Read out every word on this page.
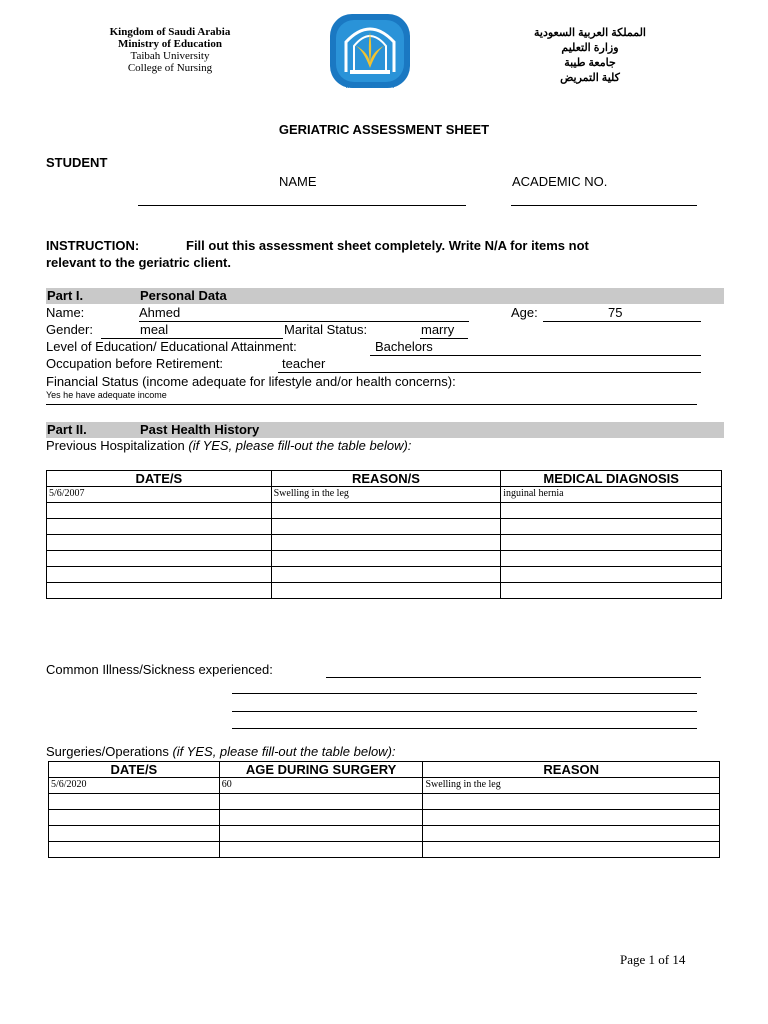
Kingdom of Saudi Arabia
Ministry of Education
Taibah University
College of Nursing
TAIBAH UNIVERSITY
المملكة العربية السعودية
وزارة التعليم
جامعة طيبة
كلية التمريض
GERIATRIC ASSESSMENT SHEET
STUDENT
NAME	ACADEMIC NO.
INSTRUCTION:	Fill out this assessment sheet completely. Write N/A for items not
relevant to the geriatric client.
Part I.	Personal Data
Name:	Ahmed	Age:	75
Gender:	meal	Marital Status:	marry
Level of Education/ Educational Attainment:	Bachelors
Occupation before Retirement:	teacher
Financial Status (income adequate for lifestyle and/or health concerns):
Yes he have adequate income
Part II.	Past Health History
Previous Hospitalization (if YES, please fill-out the table below):
DATE/S	REASON/S	MEDICAL DIAGNOSIS
5/6/2007	Swelling in the leg	inguinal hernia

Common Illness/Sickness experienced:
Surgeries/Operations (if YES, please fill-out the table below):
DATE/S	AGE DURING SURGERY	REASON
5/6/2020	60	Swelling in the leg

Page 1 of 14
